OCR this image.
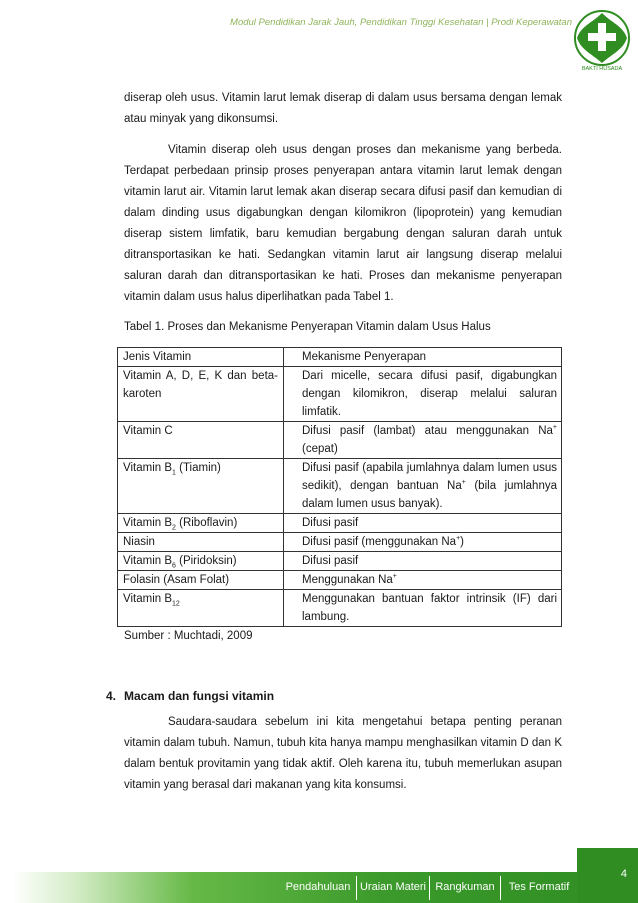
Modul Pendidikan Jarak Jauh, Pendidikan Tinggi Kesehatan | Prodi Keperawatan
BAKTI HUSADA

diserap oleh usus. Vitamin larut lemak diserap di dalam usus bersama dengan lemak atau minyak yang dikonsumsi.

Vitamin diserap oleh usus dengan proses dan mekanisme yang berbeda. Terdapat perbedaan prinsip proses penyerapan antara vitamin larut lemak dengan vitamin larut air. Vitamin larut lemak akan diserap secara difusi pasif dan kemudian di dalam dinding usus digabungkan dengan kilomikron (lipoprotein) yang kemudian diserap sistem limfatik, baru kemudian bergabung dengan saluran darah untuk ditransportasikan ke hati. Sedangkan vitamin larut air langsung diserap melalui saluran darah dan ditransportasikan ke hati. Proses dan mekanisme penyerapan vitamin dalam usus halus diperlihatkan pada Tabel 1.

Tabel 1. Proses dan Mekanisme Penyerapan Vitamin dalam Usus Halus
Jenis Vitamin	Mekanisme Penyerapan
Vitamin A, D, E, K dan beta-karoten	Dari micelle, secara difusi pasif, digabungkan dengan kilomikron, diserap melalui saluran limfatik.
Vitamin C	Difusi pasif (lambat) atau menggunakan Na+ (cepat)
Vitamin $B_1$ (Tiamin)	Difusi pasif (apabila jumlahnya dalam lumen usus sedikit), dengan bantuan Na+ (bila jumlahnya dalam lumen usus banyak).
Vitamin $B_2$ (Riboflavin)	Difusi pasif
Niasin	Difusi pasif (menggunakan Na+)
Vitamin $B_6$ (Piridoksin)	Difusi pasif
Folasin (Asam Folat)	Menggunakan Na+
Vitamin $B_{12}$	Menggunakan bantuan faktor intrinsik (IF) dari lambung.
Sumber : Muchtadi, 2009
4. Macam dan fungsi vitamin

Saudara-saudara sebelum ini kita mengetahui betapa penting peranan vitamin dalam tubuh. Namun, tubuh kita hanya mampu menghasilkan vitamin D dan K dalam bentuk provitamin yang tidak aktif. Oleh karena itu, tubuh memerlukan asupan vitamin yang berasal dari makanan yang kita konsumsi.

4
Pendahuluan Uraian Materi Rangkuman	Tes Formatif
